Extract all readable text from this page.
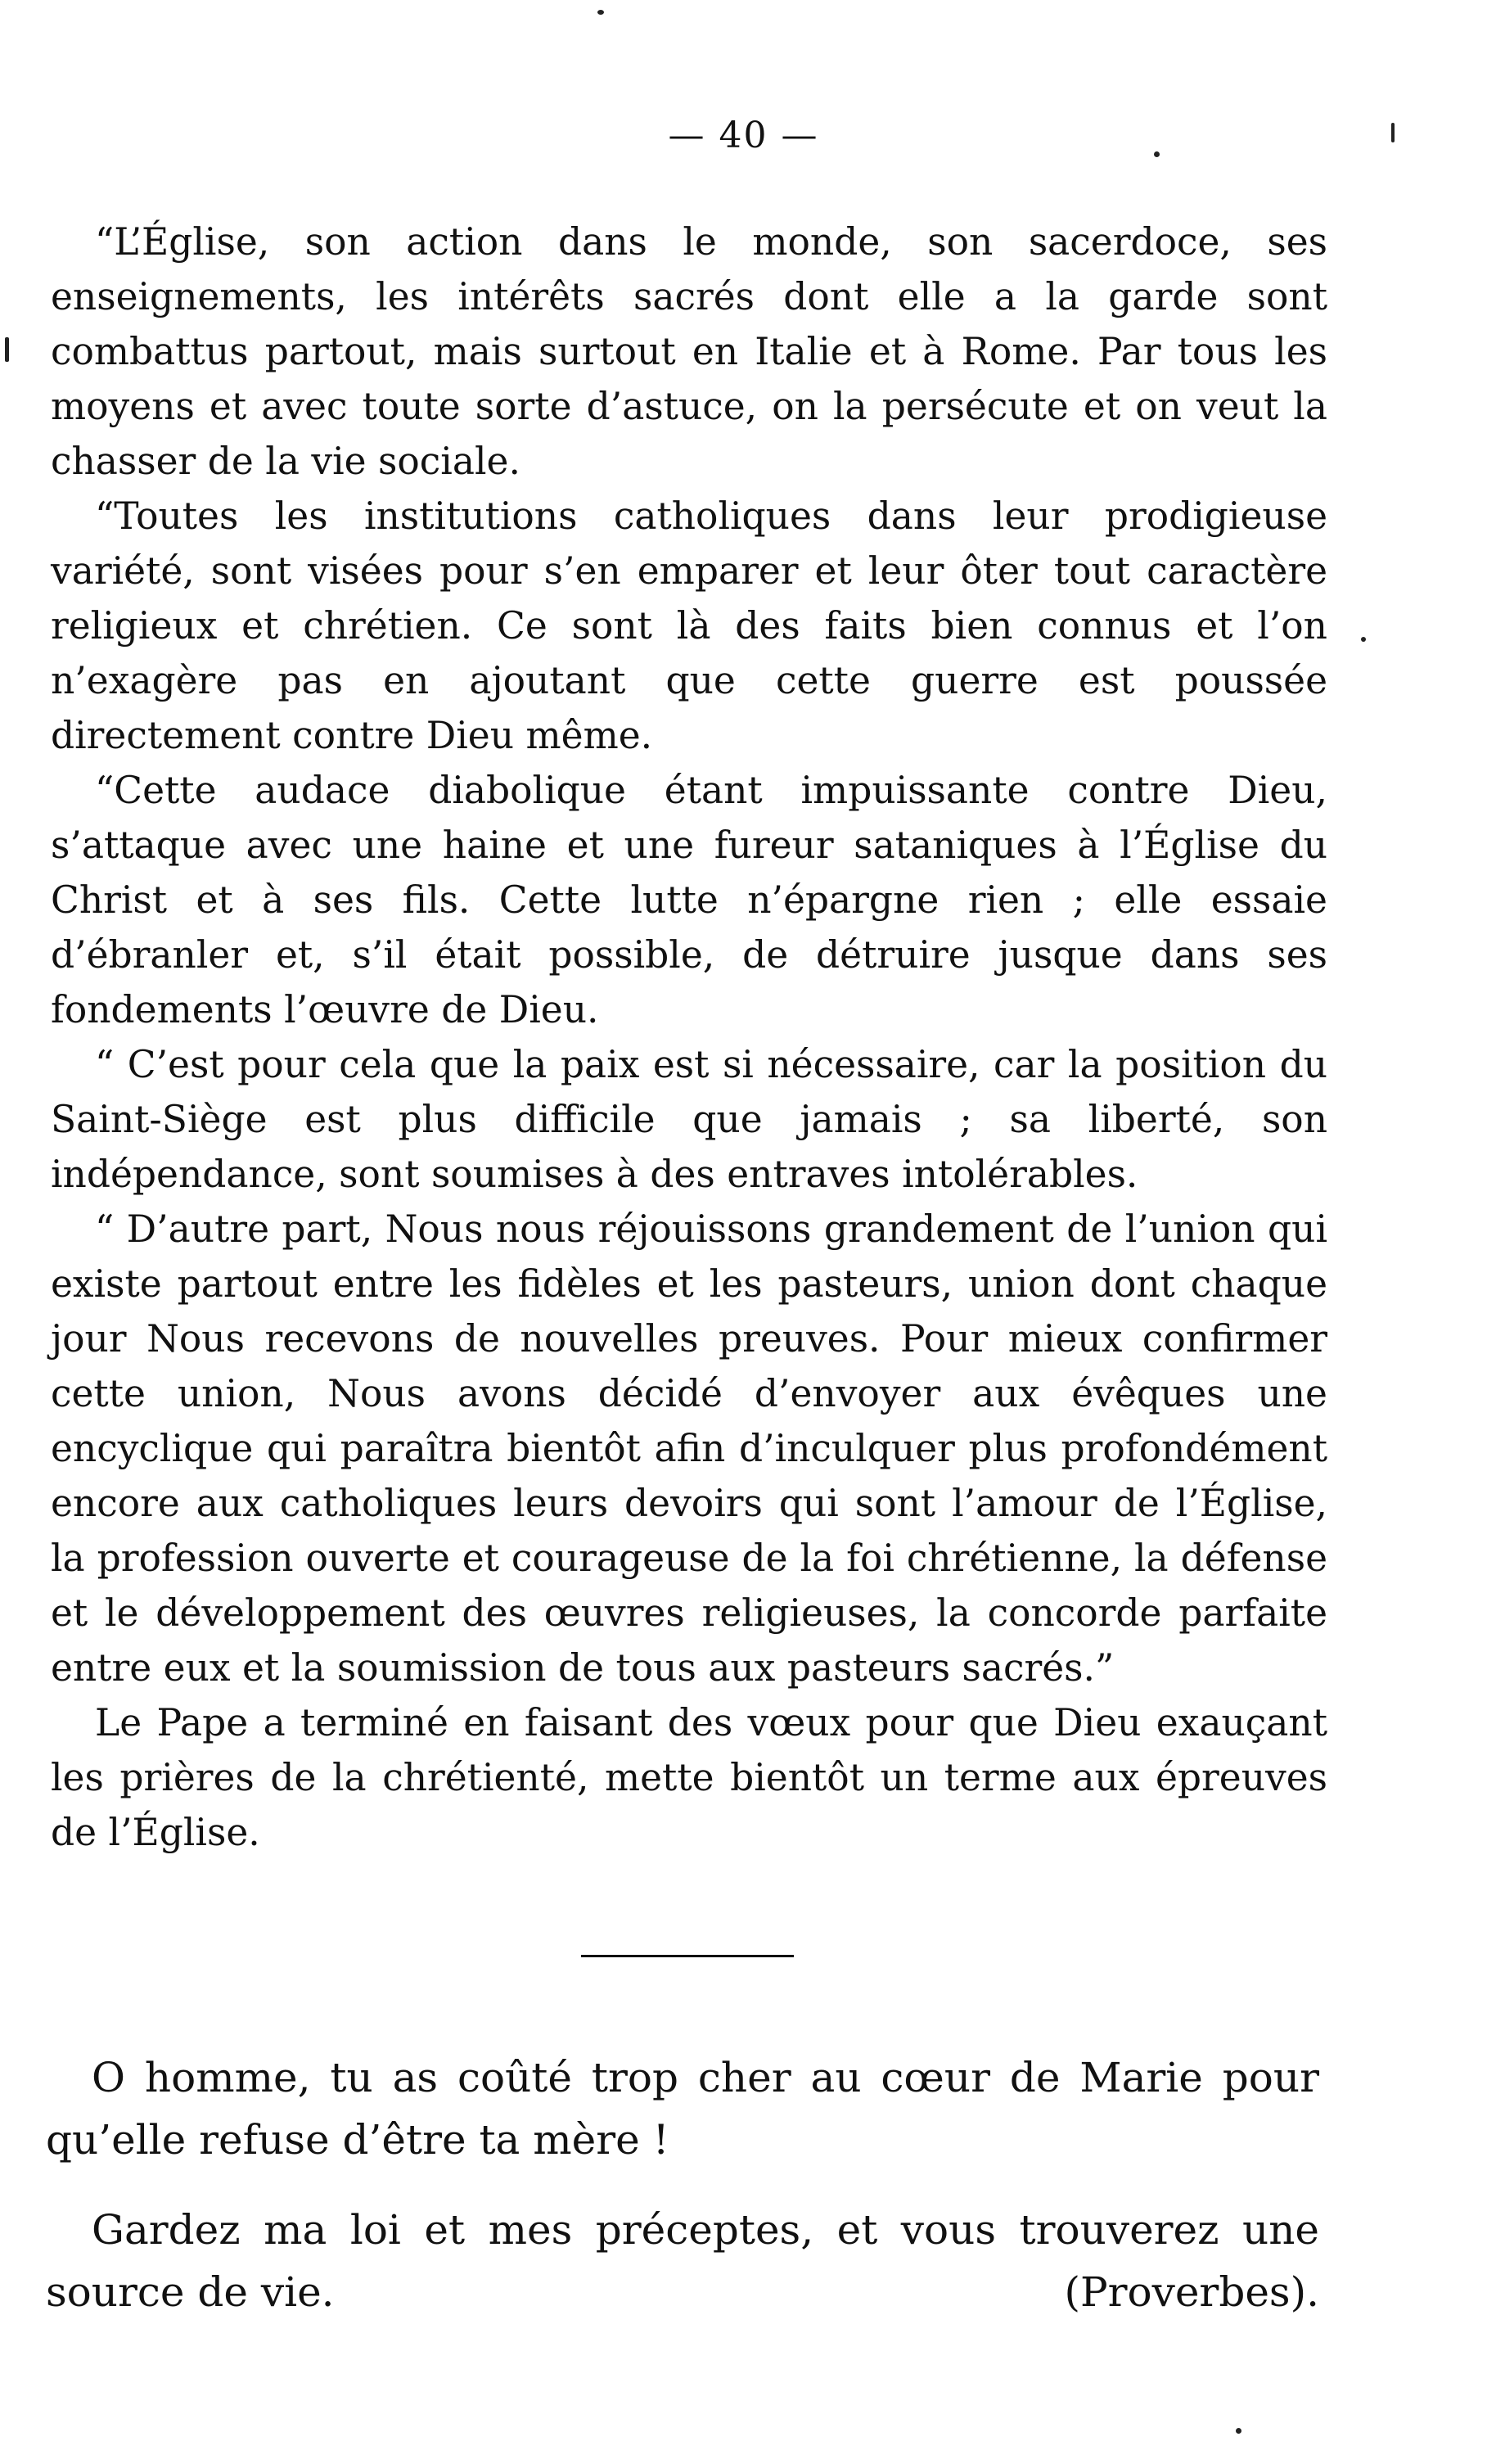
— 40 —

“L’Église, son action dans le monde, son sacerdoce, ses enseignements, les intérêts sacrés dont elle a la garde sont combattus partout, mais surtout en Italie et à Rome. Par tous les moyens et avec toute sorte d’astuce, on la persécute et on veut la chasser de la vie sociale.

“Toutes les institutions catholiques dans leur prodigieuse variété, sont visées pour s’en emparer et leur ôter tout caractère religieux et chrétien. Ce sont là des faits bien connus et l’on n’exagère pas en ajoutant que cette guerre est poussée directement contre Dieu même.

“Cette audace diabolique étant impuissante contre Dieu, s’attaque avec une haine et une fureur sataniques à l’Église du Christ et à ses fils. Cette lutte n’épargne rien ; elle essaie d’ébranler et, s’il était possible, de détruire jusque dans ses fondements l’œuvre de Dieu.

“ C’est pour cela que la paix est si nécessaire, car la position du Saint-Siège est plus difficile que jamais ; sa liberté, son indépendance, sont soumises à des entraves intolérables.

“ D’autre part, Nous nous réjouissons grandement de l’union qui existe partout entre les fidèles et les pasteurs, union dont chaque jour Nous recevons de nouvelles preuves. Pour mieux confirmer cette union, Nous avons décidé d’envoyer aux évêques une encyclique qui paraîtra bientôt afin d’inculquer plus profondément encore aux catholiques leurs devoirs qui sont l’amour de l’Église, la profession ouverte et courageuse de la foi chrétienne, la défense et le développement des œuvres religieuses, la concorde parfaite entre eux et la soumission de tous aux pasteurs sacrés.”

Le Pape a terminé en faisant des vœux pour que Dieu exauçant les prières de la chrétienté, mette bientôt un terme aux épreuves de l’Église.

O homme, tu as coûté trop cher au cœur de Marie pour qu’elle refuse d’être ta mère !

Gardez ma loi et mes préceptes, et vous trouverez une source de vie.	(Proverbes).
